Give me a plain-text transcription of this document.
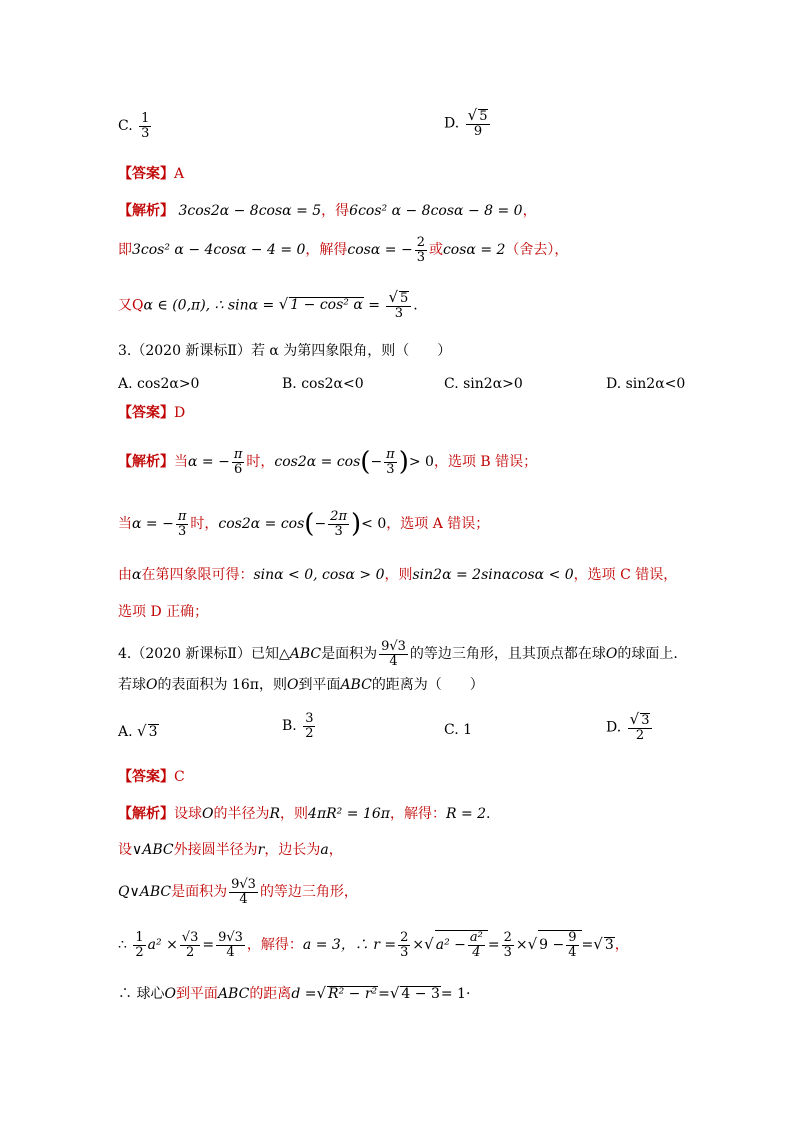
C. $\frac{1}{3}$	D. $\frac{√ 5}{9}$
【答案】A
【解析】 3cos2α − 8cosα = 5，得6cos² α − 8cosα − 8 = 0，
即3cos² α − 4cosα − 4 = 0，解得cosα = − $\frac{2}{3}$ 或cosα = 2（舍去），
又Qα ∈ (0,π), ∴ sinα = √ 1 − cos² $\alpha = \frac{√ 5}{3}$ .
3.（2020 新课标Ⅱ）若 α 为第四象限角，则（　　）
A. cos2α>0	B. cos2α<0	C. sin2α>0	D. sin2α<0
【答案】D
【解析】当α = − $\frac{\pi}{6}$ 时，$\cos 2\alpha = \cos(- \frac{\pi}{3}$ )> 0，选项 B 错误；
当α = − $\frac{\pi}{3}$ 时，$\cos 2\alpha = \cos(- \frac{2\pi}{3}$ )< 0，选项 A 错误；
由α在第四象限可得：sinα < 0, cosα > 0，则sin2α = 2sinαcosα < 0，选项 C 错误，
选项 D 正确；
4.（2020 新课标Ⅱ）已知△ABC是面积为 $\frac{9√3}{4}$ 的等边三角形，且其顶点都在球O的球面上.
若球O的表面积为 16π，则O到平面ABC的距离为（　　）
A. √ 3	B. $\frac{3}{2}$	C. 1	D. $\frac{√ 3}{2}$
【答案】C
【解析】设球O的半径为R，则4πR² = 16π，解得：R = 2.
设∨ABC外接圆半径为r，边长为a，
Q∨ABC是面积为 $\frac{9√3}{4}$ 的等边三角形，
∴ $\frac{1}{2} a^2 \times \frac{√3}{2} = \frac{9√3}{4}$ ，解得：a = 3，∴ $r = \frac{2}{3}$ ×√ $a^2 - \frac{\text{a²}}{4} = \frac{2}{3}$ ×√ $9 - \frac{9}{4}$ =√ 3，
∴ 球心O到平面ABC的距离d =√ R² − r²=√ 4 − 3= 1·
